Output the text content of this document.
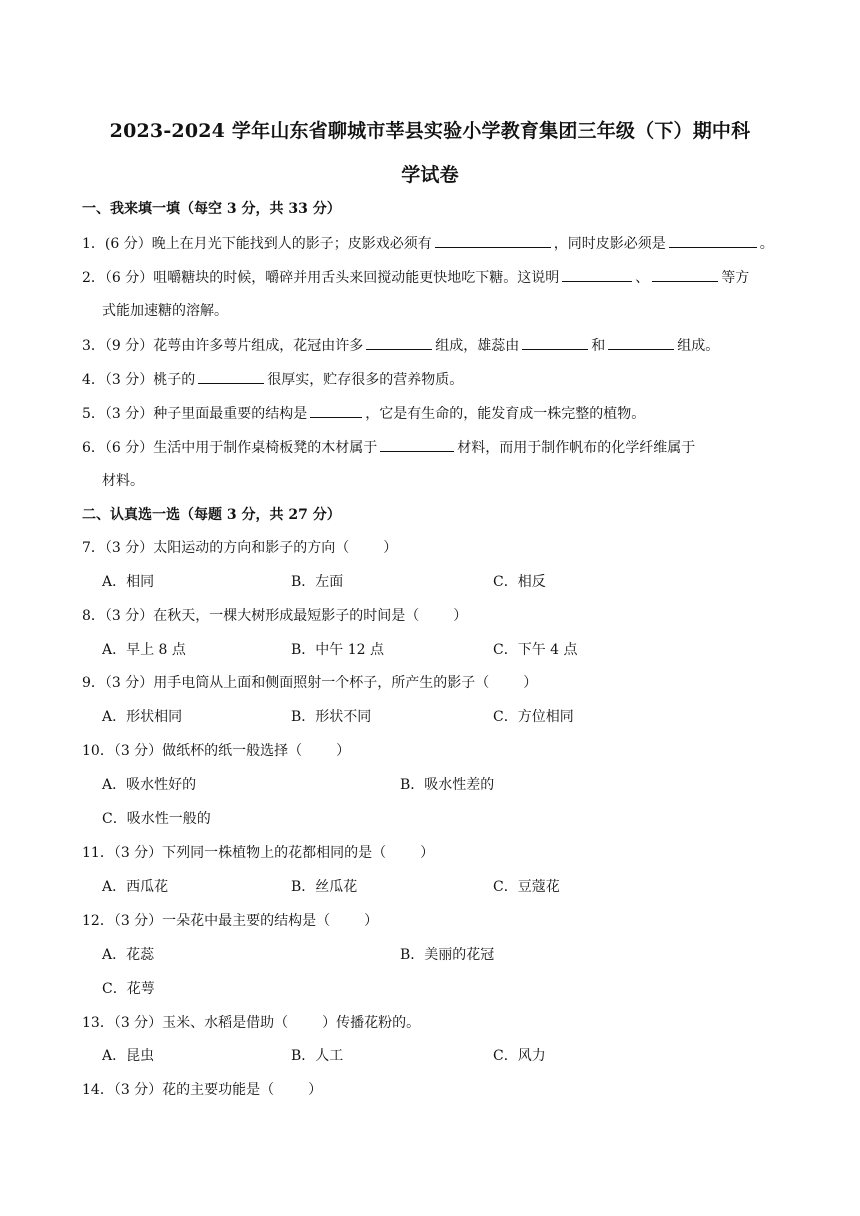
2023-2024 学年山东省聊城市莘县实验小学教育集团三年级（下）期中科
学试卷
一、我来填一填（每空 3 分，共 33 分）
1．(6 分）晚上在月光下能找到人的影子；皮影戏必须有	，同时皮影必须是	。
2．（6 分）咀嚼糖块的时候，嚼碎并用舌头来回搅动能更快地吃下糖。这说明	、	等方
式能加速糖的溶解。
3．（9 分）花萼由许多萼片组成，花冠由许多	组成，雄蕊由	和	组成。
4．（3 分）桃子的	很厚实，贮存很多的营养物质。
5．（3 分）种子里面最重要的结构是	，它是有生命的，能发育成一株完整的植物。
6．（6 分）生活中用于制作桌椅板凳的木材属于	材料，而用于制作帆布的化学纤维属于
材料。
二、认真选一选（每题 3 分，共 27 分）
7．（3 分）太阳运动的方向和影子的方向（ ）
A．相同	B．左面	C．相反
8．（3 分）在秋天，一棵大树形成最短影子的时间是（ ）
A．早上 8 点	B．中午 12 点	C．下午 4 点
9．（3 分）用手电筒从上面和侧面照射一个杯子，所产生的影子（ ）
A．形状相同	B．形状不同	C．方位相同
10．（3 分）做纸杯的纸一般选择（ ）
A．吸水性好的	B．吸水性差的
C．吸水性一般的
11．（3 分）下列同一株植物上的花都相同的是（ ）
A．西瓜花	B．丝瓜花	C．豆蔻花
12．（3 分）一朵花中最主要的结构是（ ）
A．花蕊	B．美丽的花冠
C．花萼
13．（3 分）玉米、水稻是借助（ ）传播花粉的。
A．昆虫	B．人工	C．风力
14．（3 分）花的主要功能是（ ）
